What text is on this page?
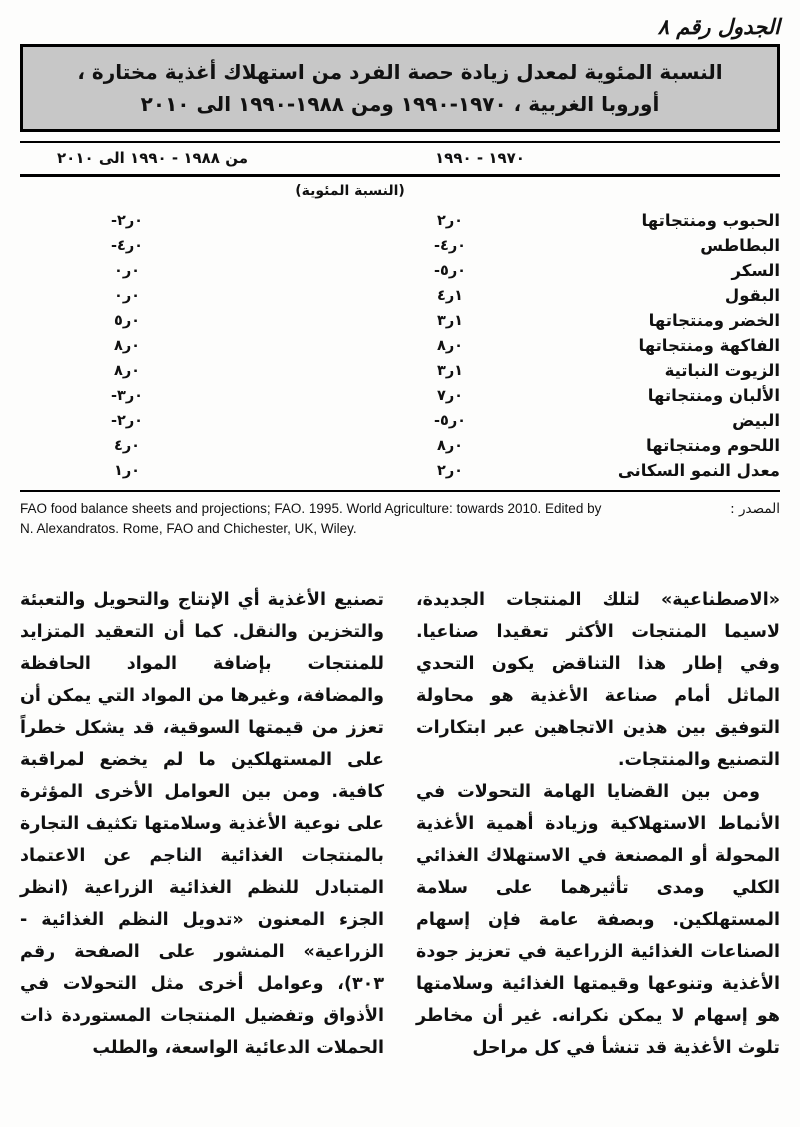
الجدول رقم ٨
النسبة المئوية لمعدل زيادة حصة الفرد من استهلاك أغذية مختارة ،
أوروبا الغربية ، ١٩٧٠-١٩٩٠ ومن ١٩٨٨-١٩٩٠ الى ٢٠١٠
١٩٧٠ - ١٩٩٠
من ١٩٨٨ - ١٩٩٠ الى ٢٠١٠
(النسبة المئوية)
الحبوب ومنتجاتها
٢ر٠
-٢ر٠
البطاطس
-٤ر٠
-٤ر٠
السكر
-٥ر٠
٠ر٠
البقول
٤ر١
٠ر٠
الخضر ومنتجاتها
٣ر١
٥ر٠
الفاكهة ومنتجاتها
٨ر٠
٨ر٠
الزيوت النباتية
٣ر١
٨ر٠
الألبان ومنتجاتها
٧ر٠
-٣ر٠
البيض
-٥ر٠
-٢ر٠
اللحوم ومنتجاتها
٨ر٠
٤ر٠
معدل النمو السكانى
٢ر٠
١ر٠
FAO food balance sheets and projections; FAO. 1995. World Agriculture: towards 2010. Edited by	المصدر :
N. Alexandratos. Rome, FAO and Chichester, UK, Wiley.

«الاصطناعية» لتلك المنتجات الجديدة، لاسيما المنتجات الأكثر تعقيدا صناعيا. وفي إطار هذا التناقض يكون التحدي الماثل أمام صناعة الأغذية هو محاولة التوفيق بين هذين الاتجاهين عبر ابتكارات التصنيع والمنتجات.

ومن بين القضايا الهامة التحولات في الأنماط الاستهلاكية وزيادة أهمية الأغذية المحولة أو المصنعة في الاستهلاك الغذائي الكلي ومدى تأثيرهما على سلامة المستهلكين. وبصفة عامة فإن إسهام الصناعات الغذائية الزراعية في تعزيز جودة الأغذية وتنوعها وقيمتها الغذائية وسلامتها هو إسهام لا يمكن نكرانه. غير أن مخاطر تلوث الأغذية قد تنشأ في كل مراحل

تصنيع الأغذية أي الإنتاج والتحويل والتعبئة والتخزين والنقل. كما أن التعقيد المتزايد للمنتجات بإضافة المواد الحافظة والمضافة، وغيرها من المواد التي يمكن أن تعزز من قيمتها السوقية، قد يشكل خطراً على المستهلكين ما لم يخضع لمراقبة كافية. ومن بين العوامل الأخرى المؤثرة على نوعية الأغذية وسلامتها تكثيف التجارة بالمنتجات الغذائية الناجم عن الاعتماد المتبادل للنظم الغذائية الزراعية (انظر الجزء المعنون «تدويل النظم الغذائية - الزراعية» المنشور على الصفحة رقم ٣٠٣)، وعوامل أخرى مثل التحولات في الأذواق وتفضيل المنتجات المستوردة ذات الحملات الدعائية الواسعة، والطلب
